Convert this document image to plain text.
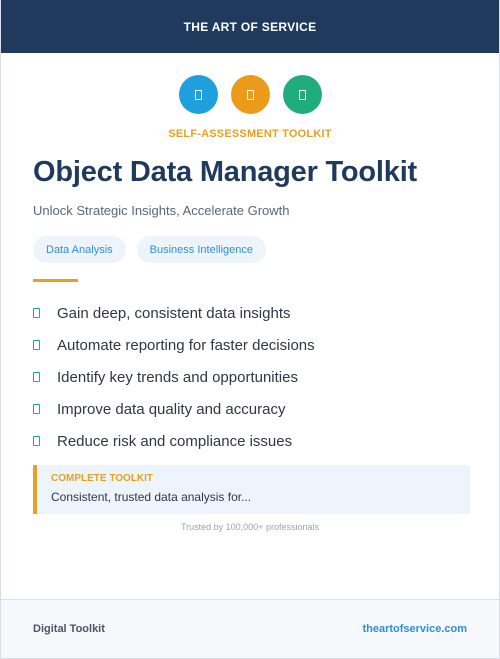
THE ART OF SERVICE
SELF-ASSESSMENT TOOLKIT
Object Data Manager Toolkit

Unlock Strategic Insights, Accelerate Growth

Data Analysis	Business Intelligence
Gain deep, consistent data insights
Automate reporting for faster decisions
Identify key trends and opportunities
Improve data quality and accuracy
Reduce risk and compliance issues
COMPLETE TOOLKIT
Consistent, trusted data analysis for...
Trusted by 100,000+ professionals
Digital Toolkit	theartofservice.com
